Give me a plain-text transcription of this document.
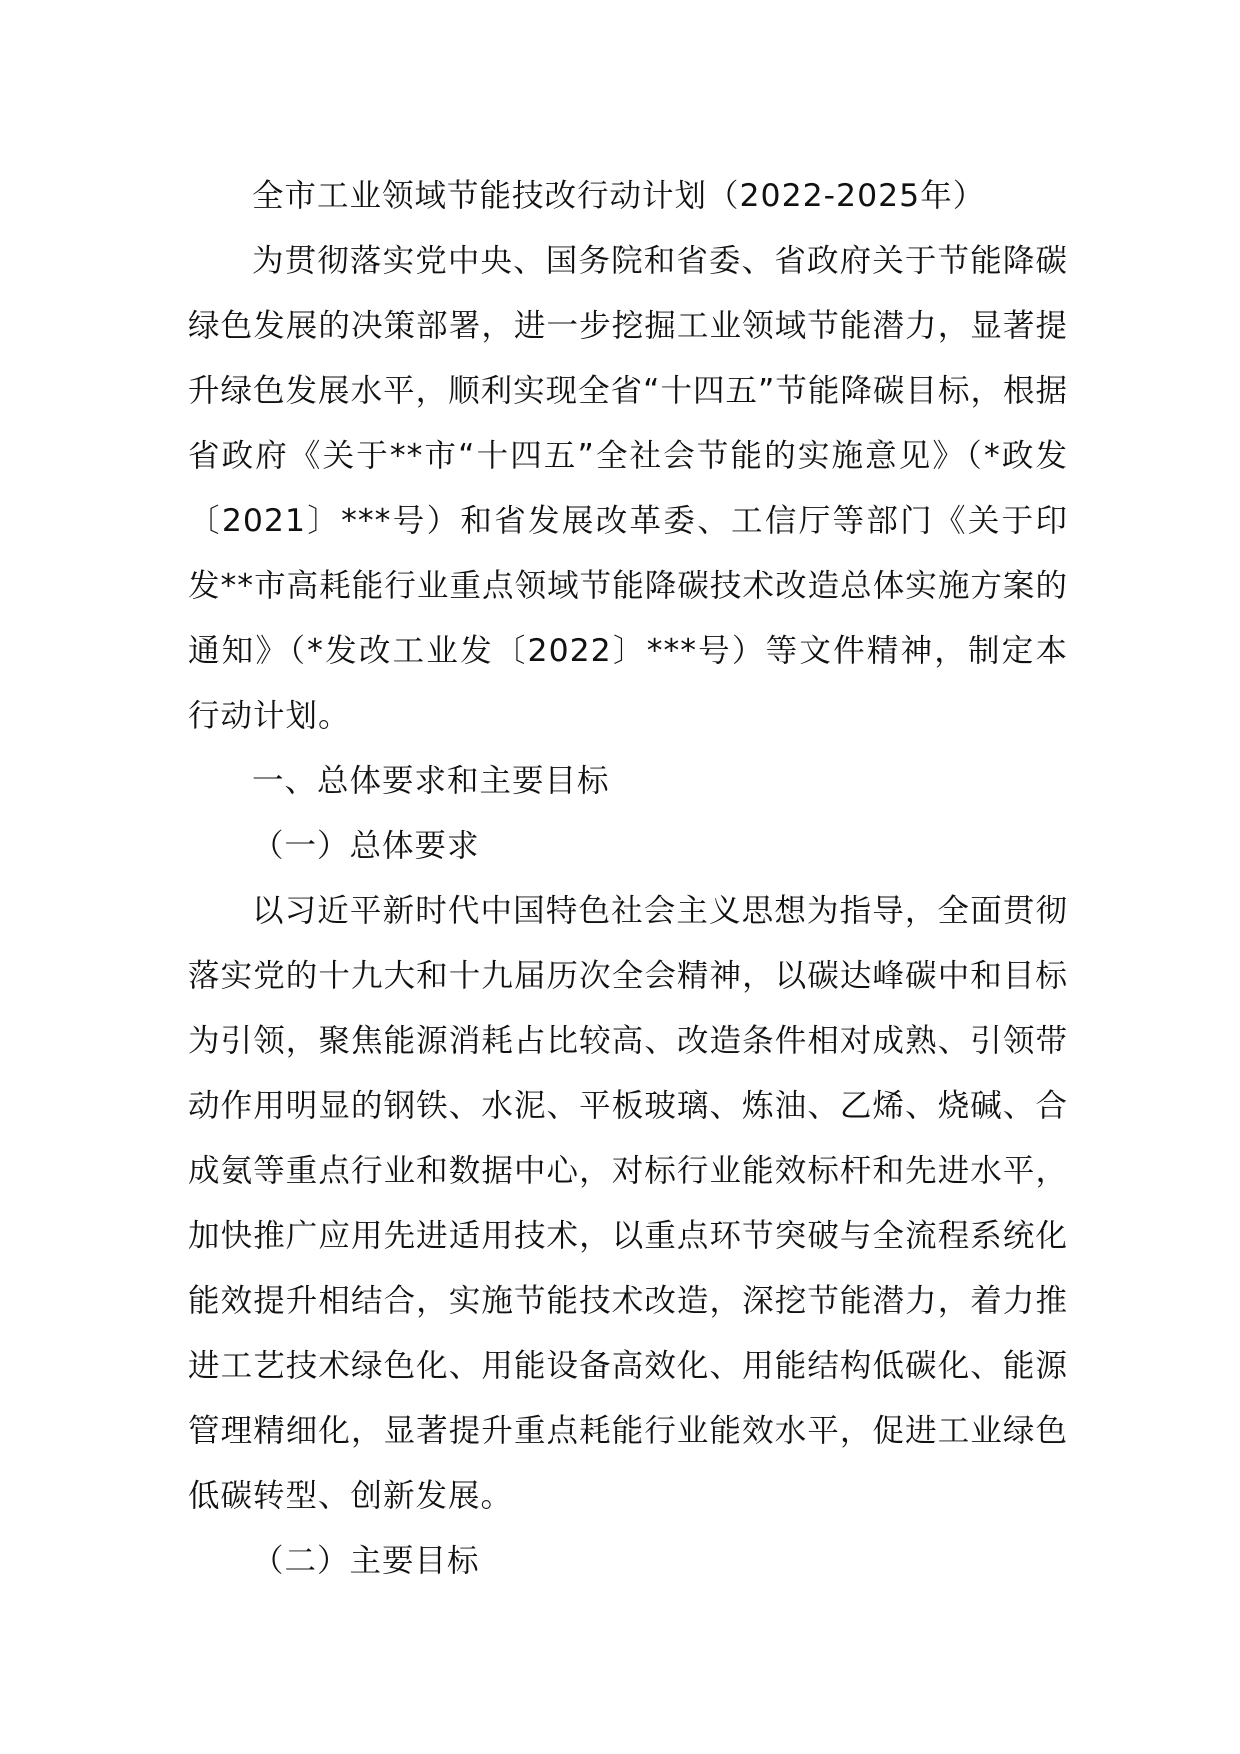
全市工业领域节能技改行动计划（2022-2025年）

为贯彻落实党中央、国务院和省委、省政府关于节能降碳绿色发展的决策部署，进一步挖掘工业领域节能潜力，显著提升绿色发展水平，顺利实现全省“十四五”节能降碳目标，根据省政府《关于**市“十四五”全社会节能的实施意见》（*政发〔2021〕***号）和省发展改革委、工信厅等部门《关于印发**市高耗能行业重点领域节能降碳技术改造总体实施方案的通知》（*发改工业发〔2022〕***号）等文件精神，制定本行动计划。

一、总体要求和主要目标

（一）总体要求

以习近平新时代中国特色社会主义思想为指导，全面贯彻落实党的十九大和十九届历次全会精神，以碳达峰碳中和目标为引领，聚焦能源消耗占比较高、改造条件相对成熟、引领带动作用明显的钢铁、水泥、平板玻璃、炼油、乙烯、烧碱、合成氨等重点行业和数据中心，对标行业能效标杆和先进水平，加快推广应用先进适用技术，以重点环节突破与全流程系统化能效提升相结合，实施节能技术改造，深挖节能潜力，着力推进工艺技术绿色化、用能设备高效化、用能结构低碳化、能源管理精细化，显著提升重点耗能行业能效水平，促进工业绿色低碳转型、创新发展。

（二）主要目标
